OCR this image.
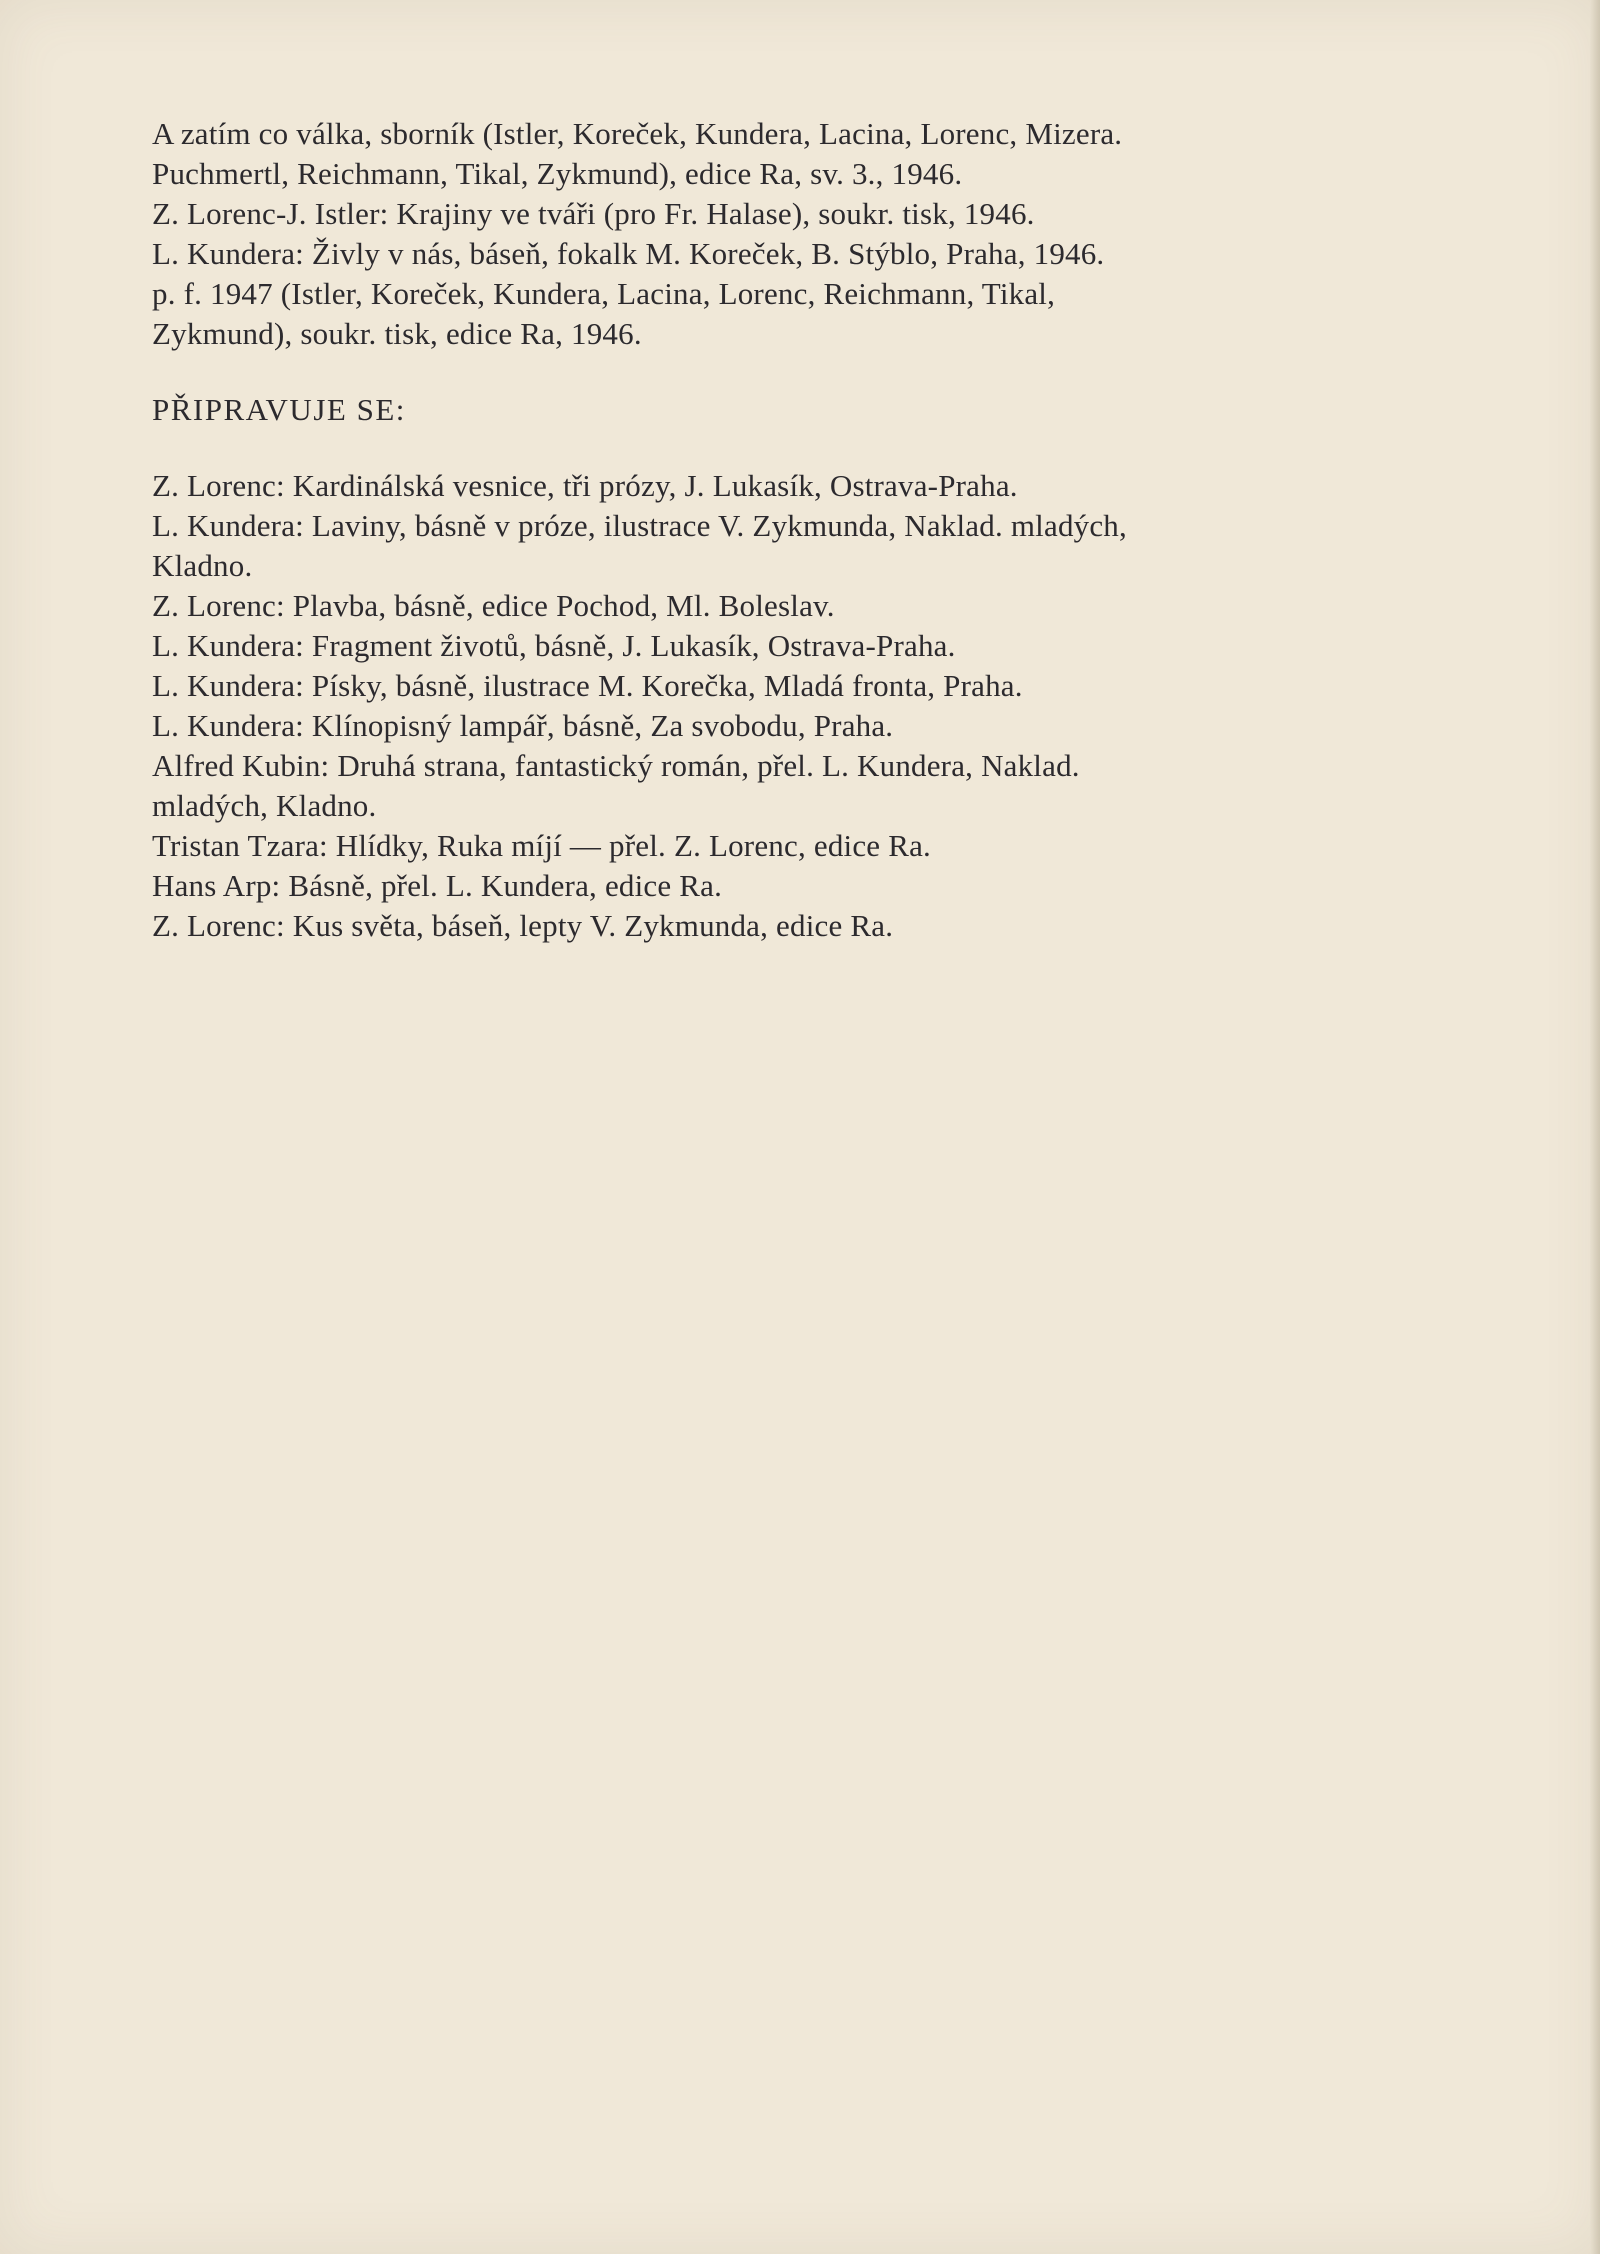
A zatím co válka, sborník (Istler, Koreček, Kundera, Lacina, Lorenc, Mizera.
Puchmertl, Reichmann, Tikal, Zykmund), edice Ra, sv. 3., 1946.
Z. Lorenc-J. Istler: Krajiny ve tváři (pro Fr. Halase), soukr. tisk, 1946.
L. Kundera: Živly v nás, báseň, fokalk M. Koreček, B. Stýblo, Praha, 1946.
p. f. 1947 (Istler, Koreček, Kundera, Lacina, Lorenc, Reichmann, Tikal,
Zykmund), soukr. tisk, edice Ra, 1946.
PŘIPRAVUJE SE:
Z. Lorenc: Kardinálská vesnice, tři prózy, J. Lukasík, Ostrava-Praha.
L. Kundera: Laviny, básně v próze, ilustrace V. Zykmunda, Naklad. mladých,
Kladno.
Z. Lorenc: Plavba, básně, edice Pochod, Ml. Boleslav.
L. Kundera: Fragment životů, básně, J. Lukasík, Ostrava-Praha.
L. Kundera: Písky, básně, ilustrace M. Korečka, Mladá fronta, Praha.
L. Kundera: Klínopisný lampář, básně, Za svobodu, Praha.
Alfred Kubin: Druhá strana, fantastický román, přel. L. Kundera, Naklad.
mladých, Kladno.
Tristan Tzara: Hlídky, Ruka míjí — přel. Z. Lorenc, edice Ra.
Hans Arp: Básně, přel. L. Kundera, edice Ra.
Z. Lorenc: Kus světa, báseň, lepty V. Zykmunda, edice Ra.
